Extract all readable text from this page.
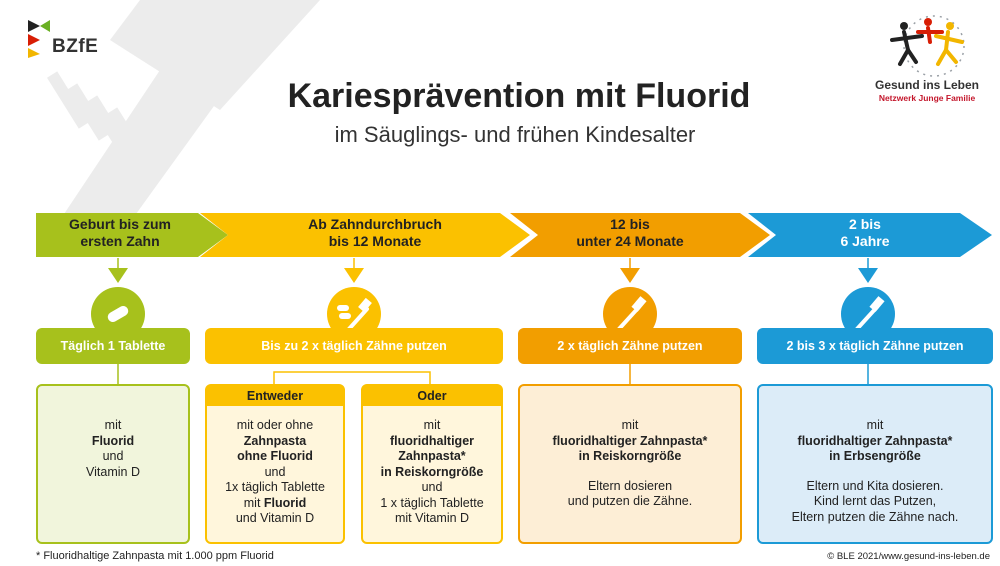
BZfE
Gesund ins Leben
Netzwerk Junge Familie
Kariesprävention mit Fluorid
im Säuglings- und frühen Kindesalter
Geburt bis zum
ersten Zahn
Ab Zahndurchbruch
bis 12 Monate
12 bis
unter 24 Monate
2 bis
6 Jahre
Täglich 1 Tablette	Bis zu 2 x täglich Zähne putzen	2 x täglich Zähne putzen	2 bis 3 x täglich Zähne putzen
mit
Fluorid
und
Vitamin D
Entweder
mit oder ohne
Zahnpasta
ohne Fluorid
und
1x täglich Tablette
mit Fluorid
und Vitamin D
Oder
mit
fluoridhaltiger
Zahnpasta*
in Reiskorngröße
und
1 x täglich Tablette
mit Vitamin D
mit
fluoridhaltiger Zahnpasta*
in Reiskorngröße
Eltern dosieren
und putzen die Zähne.
mit
fluoridhaltiger Zahnpasta*
in Erbsengröße
Eltern und Kita dosieren.
Kind lernt das Putzen,
Eltern putzen die Zähne nach.
* Fluoridhaltige Zahnpasta mit 1.000 ppm Fluorid	© BLE 2021/www.gesund-ins-leben.de
